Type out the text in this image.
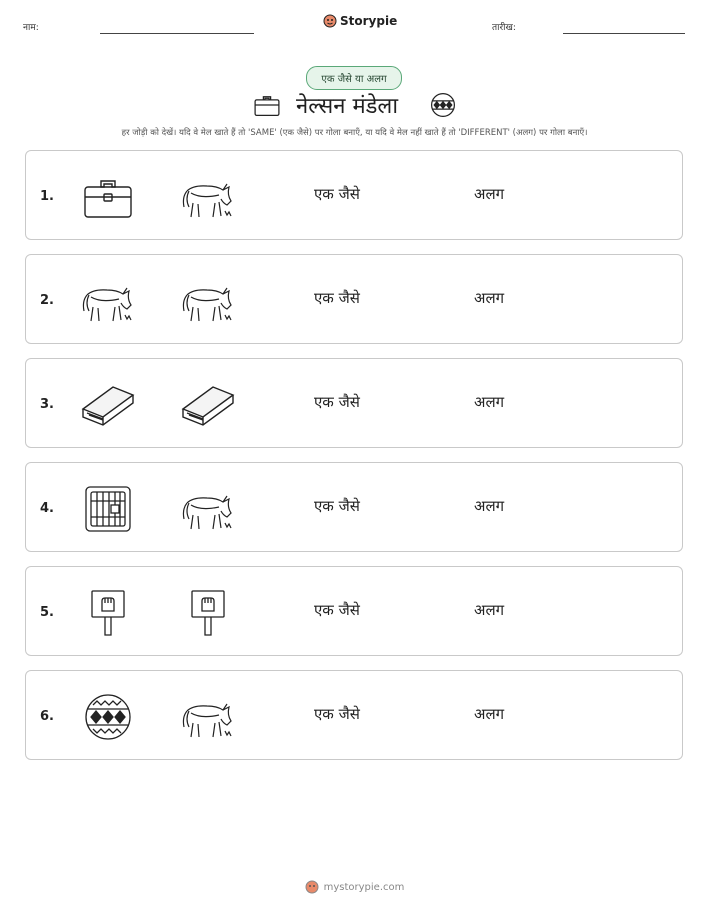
नाम:	Storypie	तारीख:
एक जैसे या अलग
नेल्सन मंडेला
हर जोड़ी को देखें। यदि वे मेल खाते हैं तो 'SAME' (एक जैसे) पर गोला बनाएँ, या यदि वे मेल नहीं खाते हैं तो 'DIFFERENT' (अलग) पर गोला बनाएँ।
1.	एक जैसे	अलग
2.	एक जैसे	अलग
3.	एक जैसे	अलग
4.	एक जैसे	अलग
5.	एक जैसे	अलग
6.	एक जैसे	अलग
mystorypie.com
